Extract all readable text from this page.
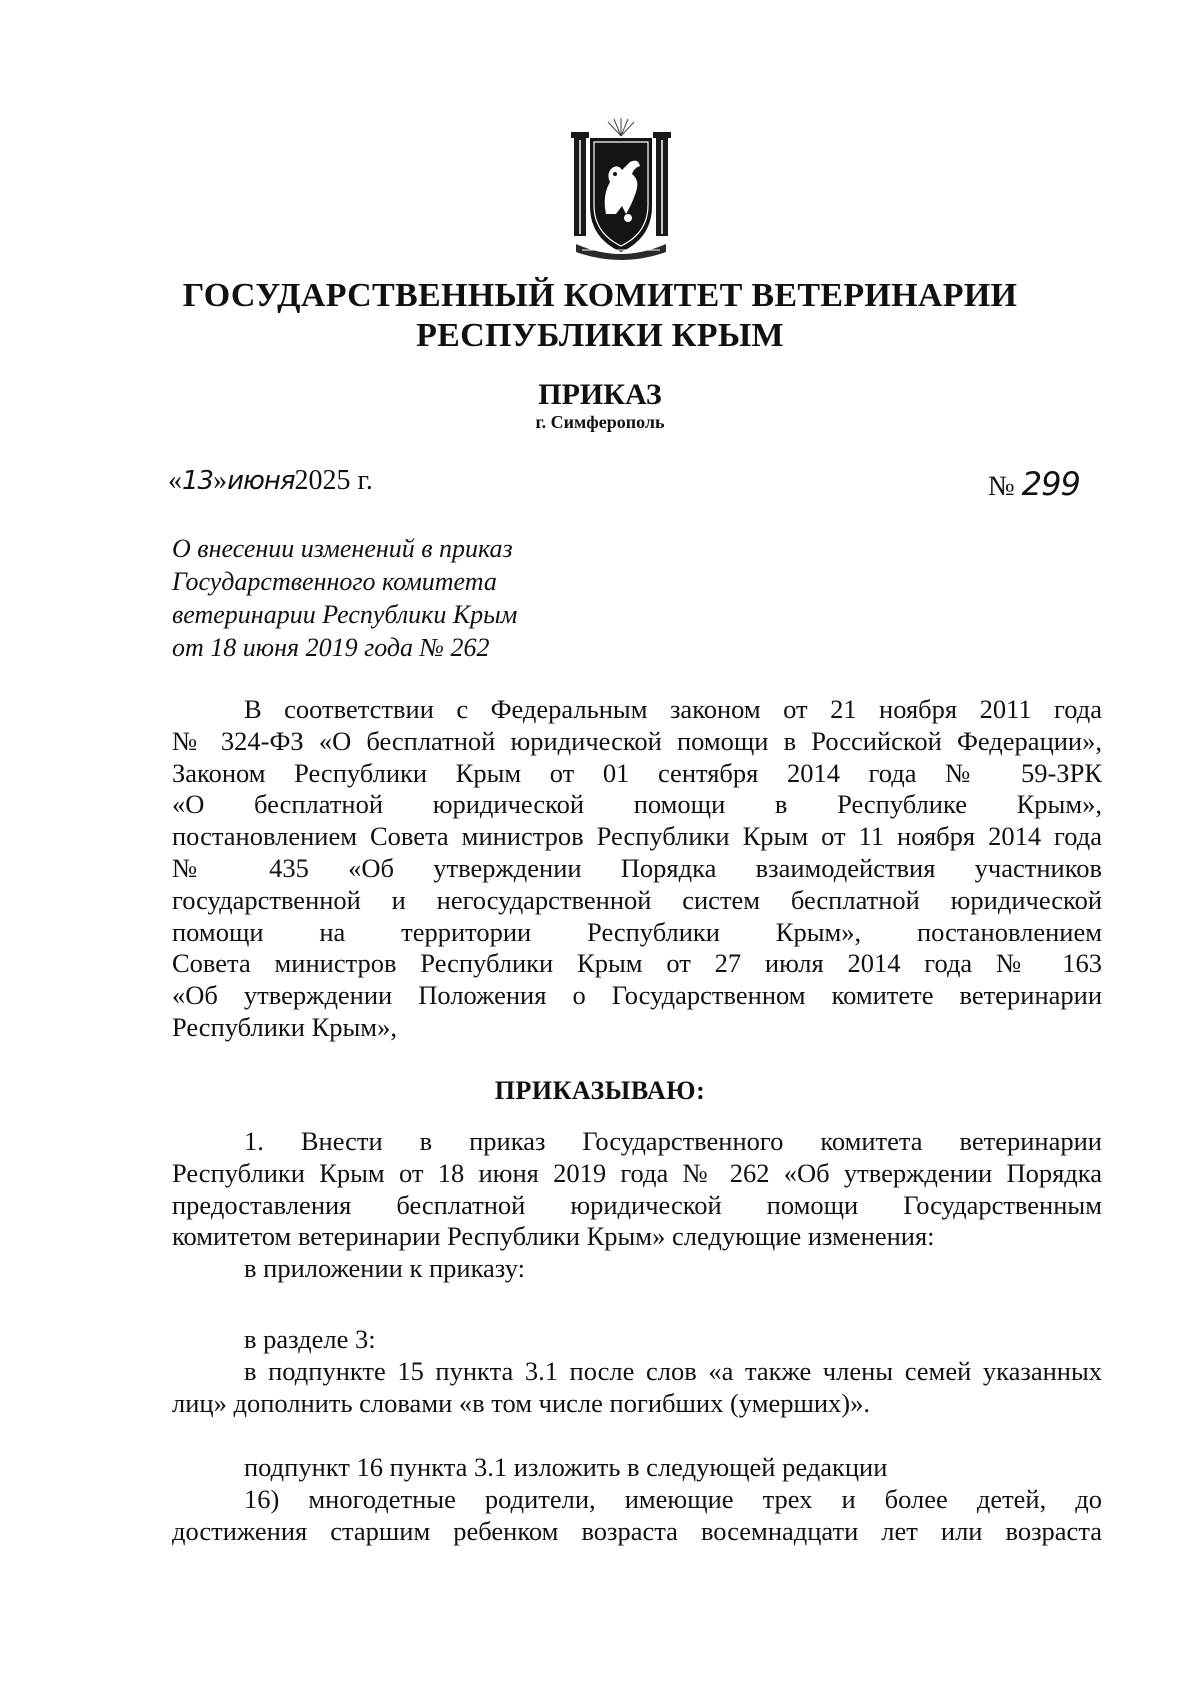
ГОСУДАРСТВЕННЫЙ КОМИТЕТ ВЕТЕРИНАРИИ
РЕСПУБЛИКИ КРЫМ
ПРИКАЗ
г. Симферополь
«13»июня2025 г.	№ 299
О внесении изменений в приказ
Государственного комитета
ветеринарии Республики Крым
от 18 июня 2019 года № 262
В соответствии с Федеральным законом от 21 ноября 2011 года
№ 324-ФЗ «О бесплатной юридической помощи в Российской Федерации»,
Законом Республики Крым от 01 сентября 2014 года № 59-ЗРК
«О бесплатной юридической помощи в Республике Крым»,
постановлением Совета министров Республики Крым от 11 ноября 2014 года
№ 435 «Об утверждении Порядка взаимодействия участников
государственной и негосударственной систем бесплатной юридической
помощи на территории Республики Крым», постановлением
Совета министров Республики Крым от 27 июля 2014 года № 163
«Об утверждении Положения о Государственном комитете ветеринарии
Республики Крым»,
ПРИКАЗЫВАЮ:
1. Внести в приказ Государственного комитета ветеринарии
Республики Крым от 18 июня 2019 года № 262 «Об утверждении Порядка
предоставления бесплатной юридической помощи Государственным
комитетом ветеринарии Республики Крым» следующие изменения:
в приложении к приказу:
в разделе 3:
в подпункте 15 пункта 3.1 после слов «а также члены семей указанных
лиц» дополнить словами «в том числе погибших (умерших)».
подпункт 16 пункта 3.1 изложить в следующей редакции
16) многодетные родители, имеющие трех и более детей, до
достижения старшим ребенком возраста восемнадцати лет или возраста
